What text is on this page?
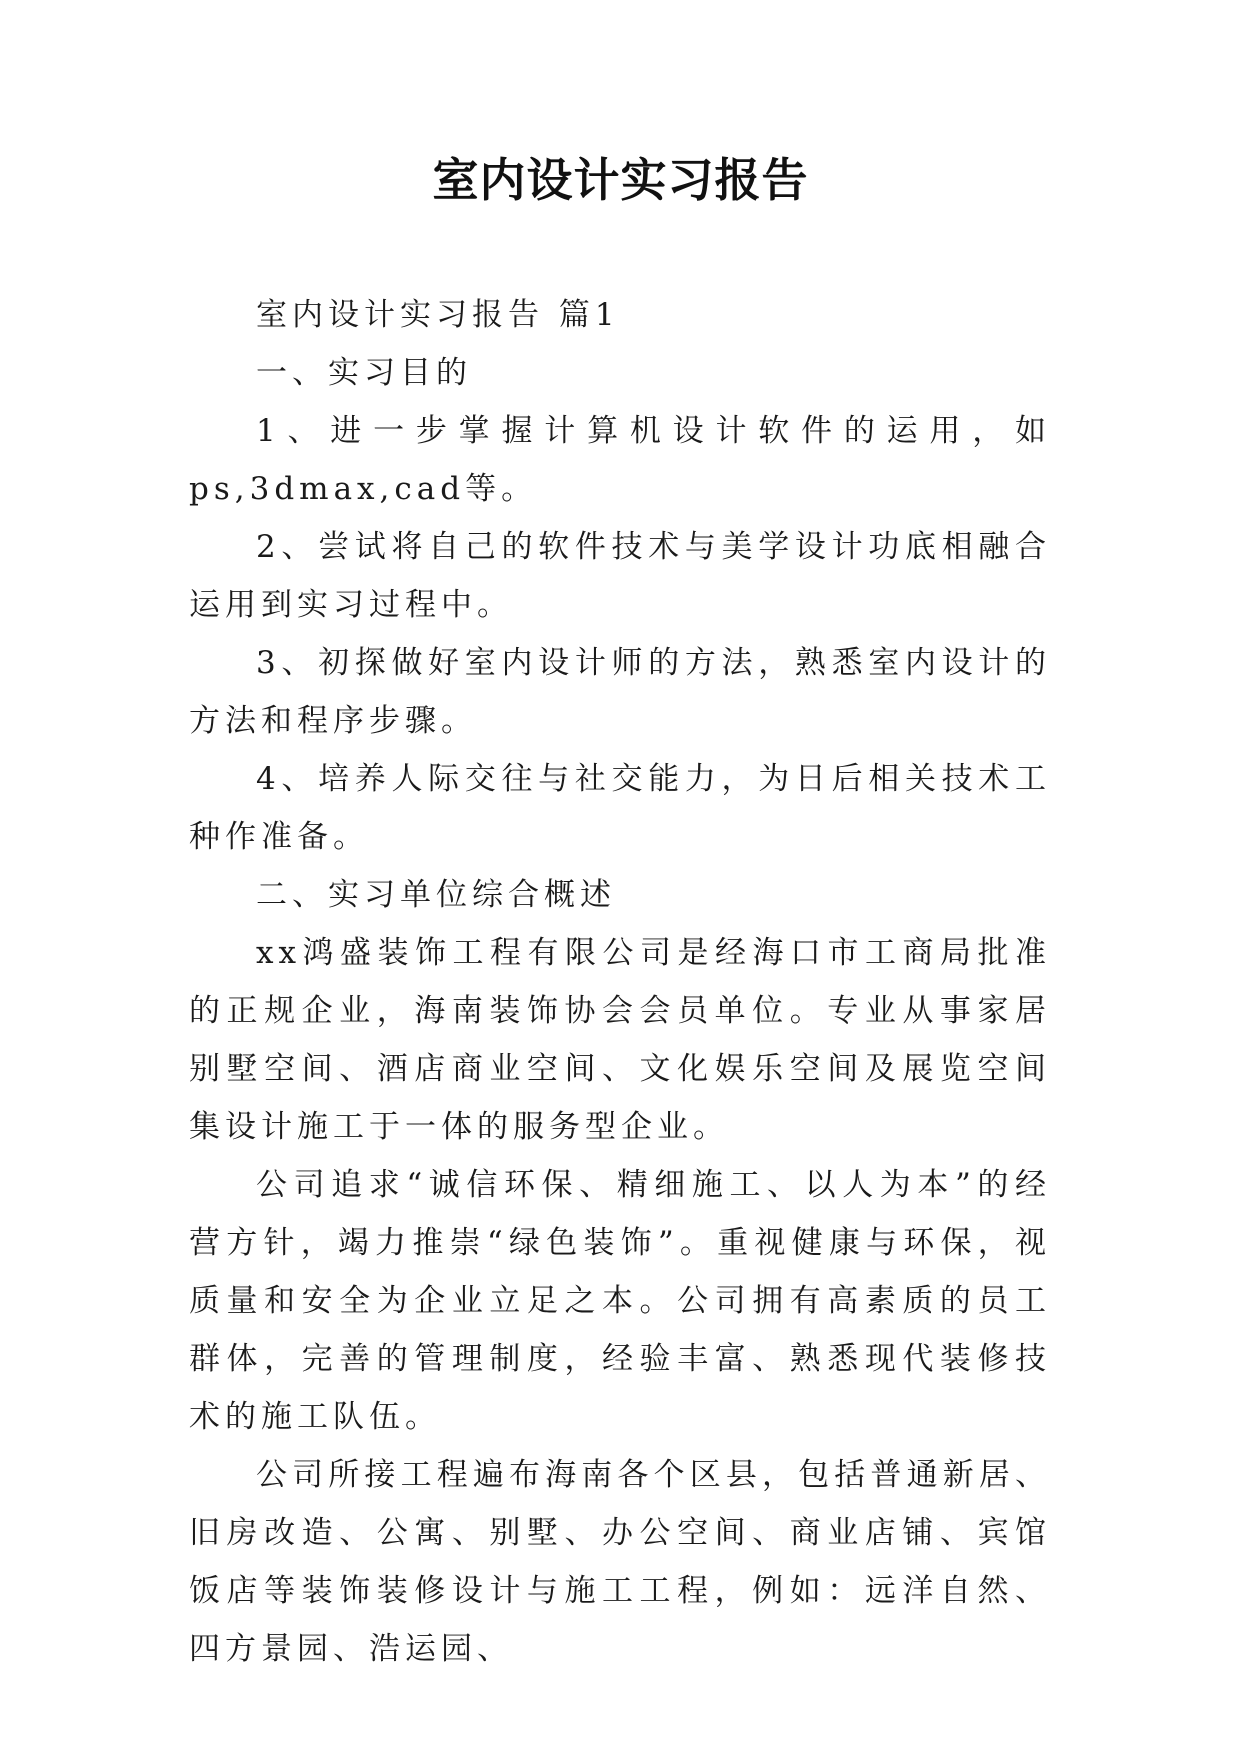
室内设计实习报告

室内设计实习报告 篇1

一、实习目的

1、进一步掌握计算机设计软件的运用，如ps,3dmax,cad等。

2、尝试将自己的软件技术与美学设计功底相融合运用到实习过程中。

3、初探做好室内设计师的方法，熟悉室内设计的方法和程序步骤。

4、培养人际交往与社交能力，为日后相关技术工种作准备。

二、实习单位综合概述

xx鸿盛装饰工程有限公司是经海口市工商局批准的正规企业，海南装饰协会会员单位。专业从事家居别墅空间、酒店商业空间、文化娱乐空间及展览空间集设计施工于一体的服务型企业。

公司追求“诚信环保、精细施工、以人为本”的经营方针，竭力推崇“绿色装饰”。重视健康与环保，视质量和安全为企业立足之本。公司拥有高素质的员工群体，完善的管理制度，经验丰富、熟悉现代装修技术的施工队伍。

公司所接工程遍布海南各个区县，包括普通新居、旧房改造、公寓、别墅、办公空间、商业店铺、宾馆饭店等装饰装修设计与施工工程，例如：远洋自然、四方景园、浩运园、
